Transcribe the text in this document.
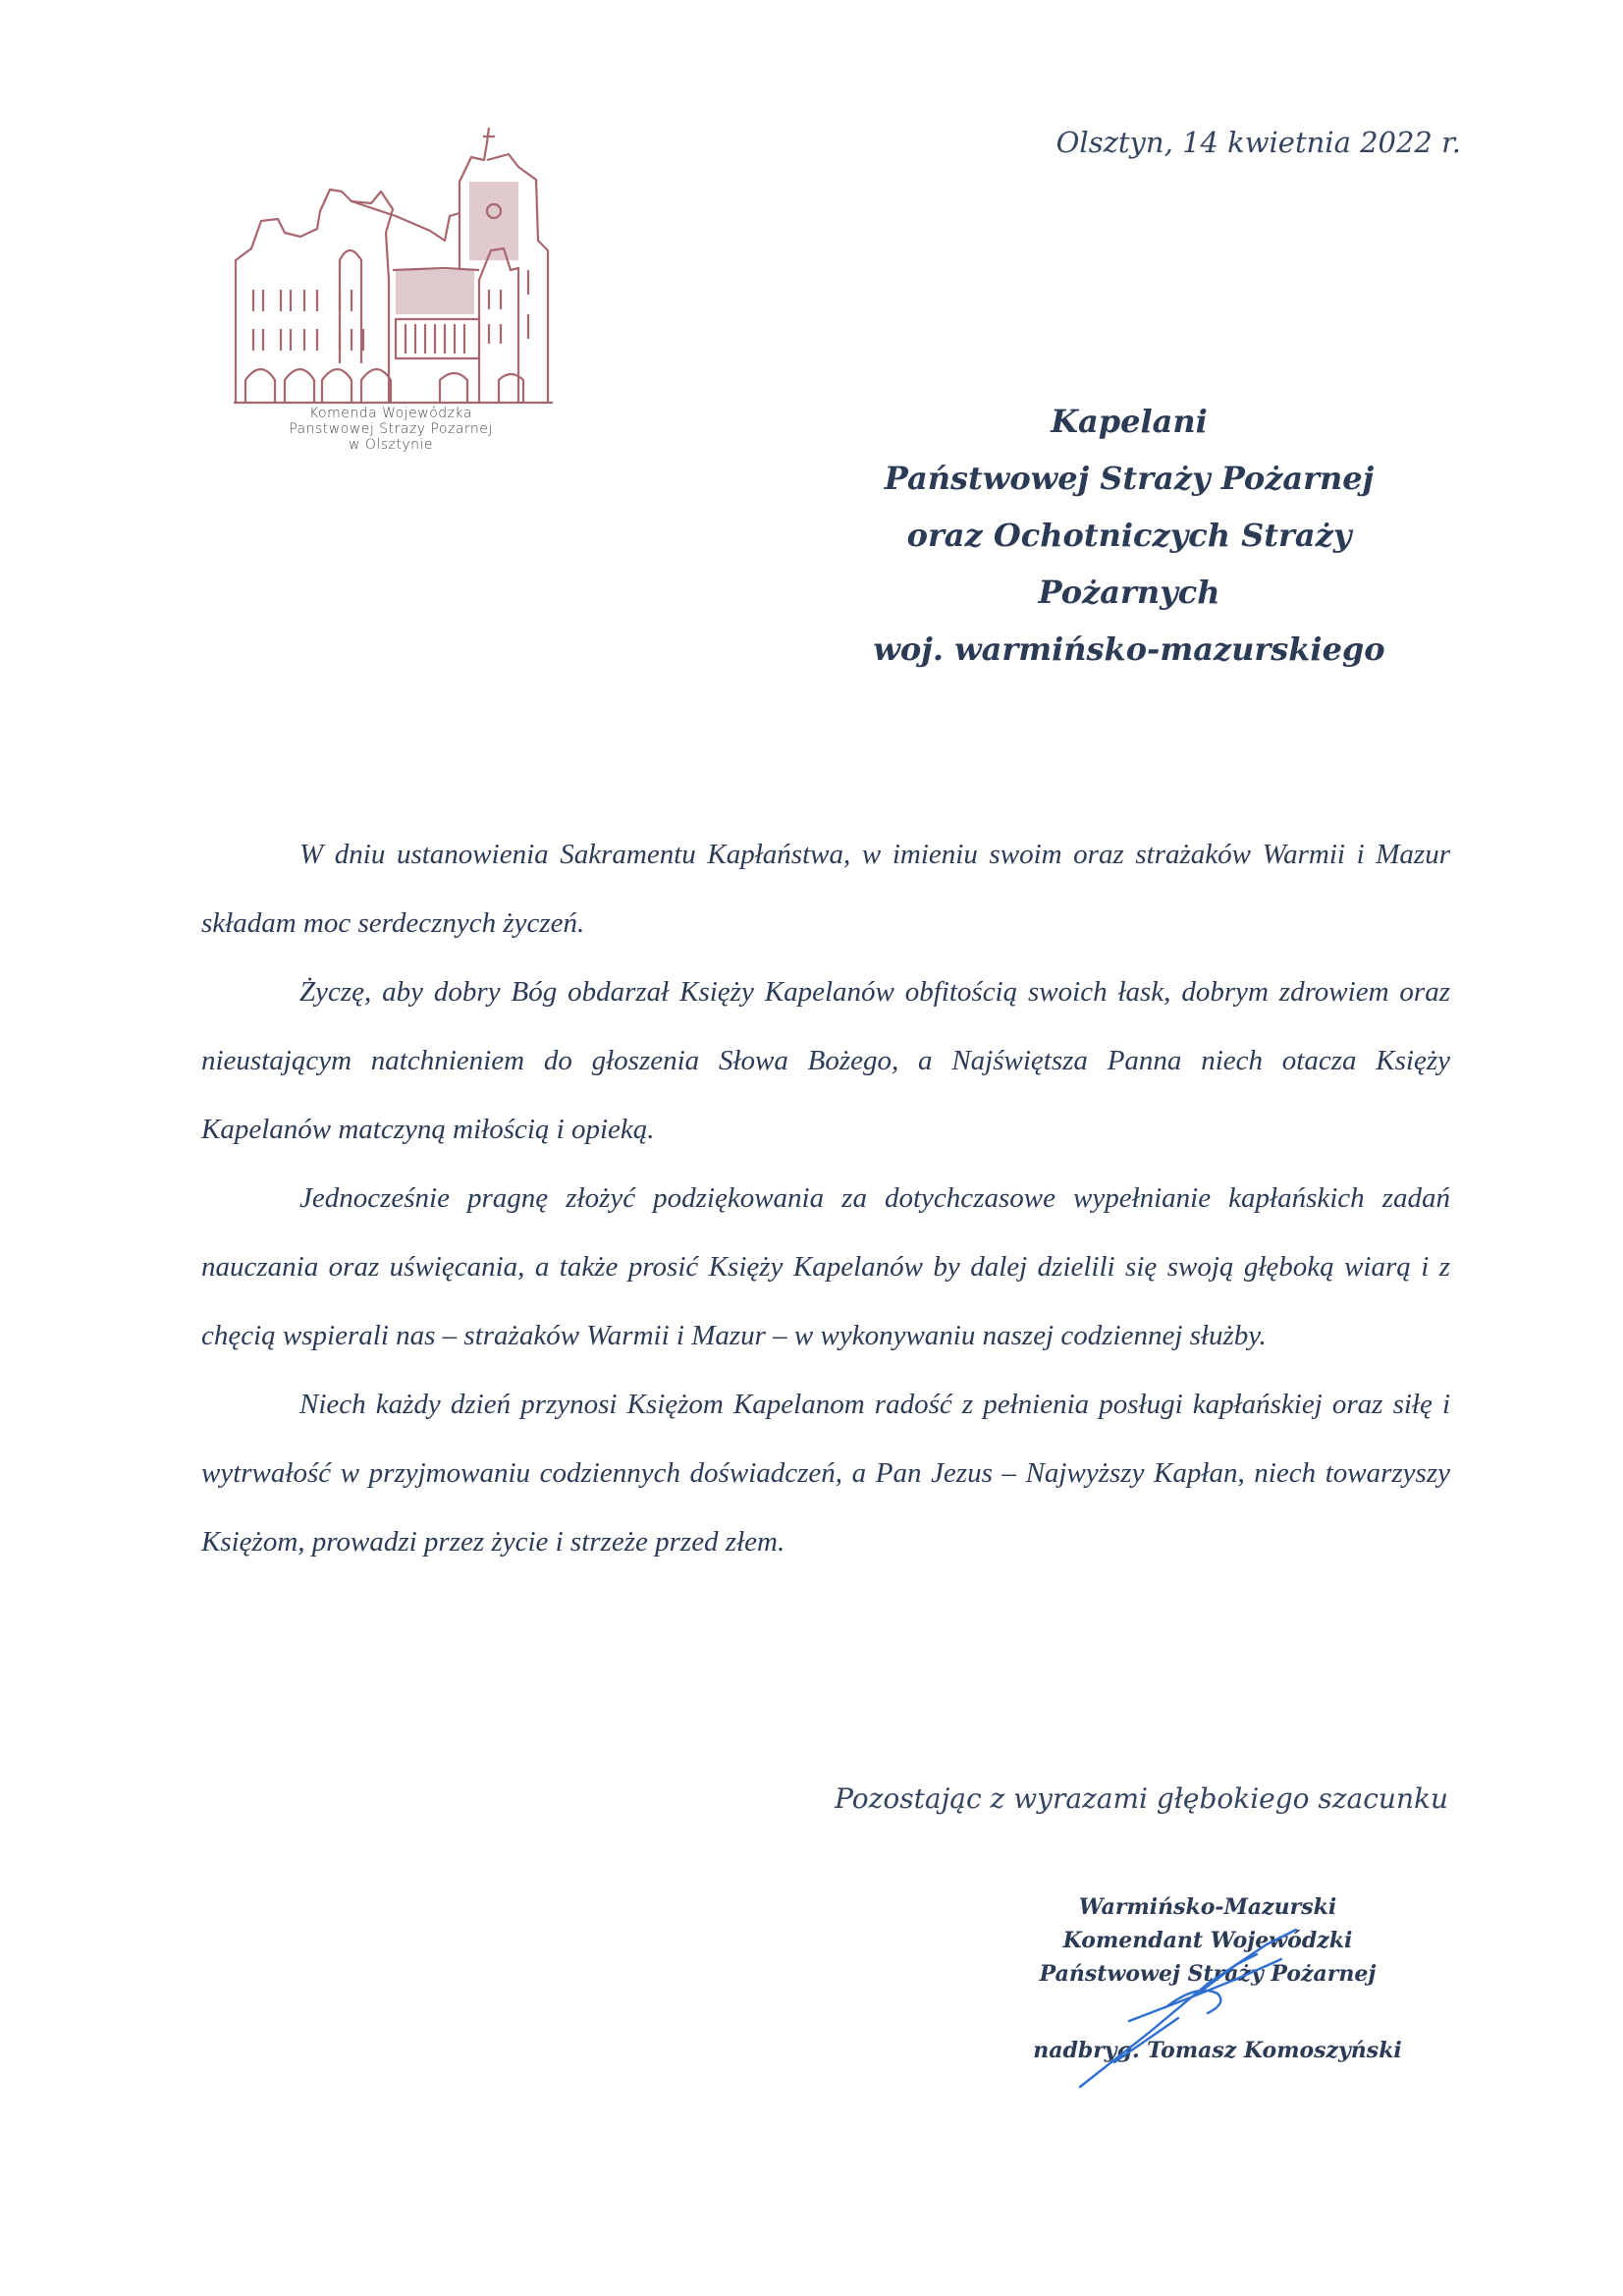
Komenda Wojewódzka
Panstwowej Strazy Pozarnej
w Olsztynie
Olsztyn, 14 kwietnia 2022 r.
Kapelani
Państwowej Straży Pożarnej
oraz Ochotniczych Straży Pożarnych
woj. warmińsko-mazurskiego

W dniu ustanowienia Sakramentu Kapłaństwa, w imieniu swoim oraz strażaków Warmii i Mazur składam moc serdecznych życzeń.

Życzę, aby dobry Bóg obdarzał Księży Kapelanów obfitością swoich łask, dobrym zdrowiem oraz nieustającym natchnieniem do głoszenia Słowa Bożego, a Najświętsza Panna niech otacza Księży Kapelanów matczyną miłością i opieką.

Jednocześnie pragnę złożyć podziękowania za dotychczasowe wypełnianie kapłańskich zadań nauczania oraz uświęcania, a także prosić Księży Kapelanów by dalej dzielili się swoją głęboką wiarą i z chęcią wspierali nas – strażaków Warmii i Mazur – w wykonywaniu naszej codziennej służby.

Niech każdy dzień przynosi Księżom Kapelanom radość z pełnienia posługi kapłańskiej oraz siłę i wytrwałość w przyjmowaniu codziennych doświadczeń, a Pan Jezus – Najwyższy Kapłan, niech towarzyszy Księżom, prowadzi przez życie i strzeże przed złem.

Pozostając z wyrazami głębokiego szacunku
Warmińsko-Mazurski
Komendant Wojewódzki
Państwowej Straży Pożarnej
nadbryg. Tomasz Komoszyński
